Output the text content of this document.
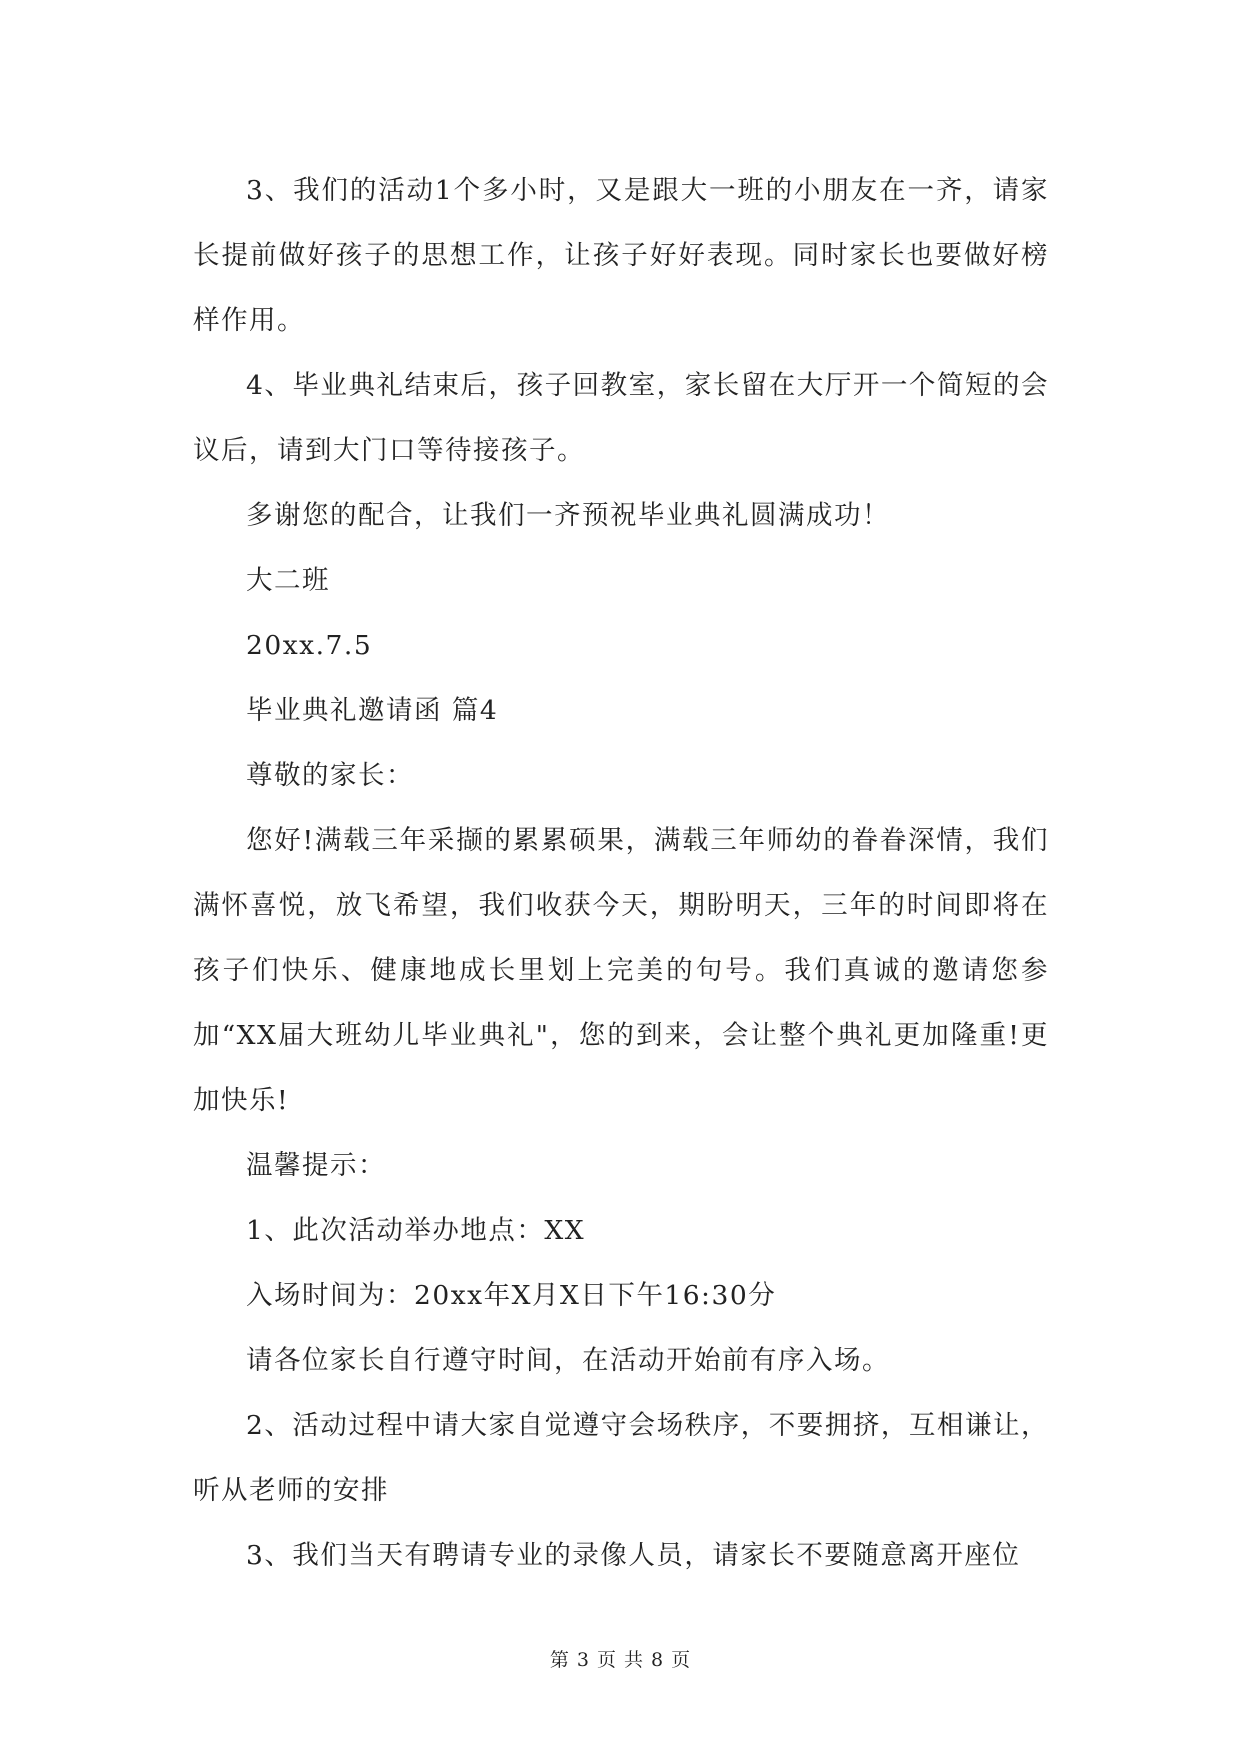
3、我们的活动1个多小时，又是跟大一班的小朋友在一齐，请家长提前做好孩子的思想工作，让孩子好好表现。同时家长也要做好榜样作用。

4、毕业典礼结束后，孩子回教室，家长留在大厅开一个简短的会议后，请到大门口等待接孩子。

多谢您的配合，让我们一齐预祝毕业典礼圆满成功！

大二班

20xx.7.5

毕业典礼邀请函 篇4

尊敬的家长：

您好!满载三年采撷的累累硕果，满载三年师幼的眷眷深情，我们满怀喜悦，放飞希望，我们收获今天，期盼明天，三年的时间即将在孩子们快乐、健康地成长里划上完美的句号。我们真诚的邀请您参加“XX届大班幼儿毕业典礼"，您的到来，会让整个典礼更加隆重!更加快乐!

温馨提示：

1、此次活动举办地点：XX

入场时间为：20xx年X月X日下午16:30分

请各位家长自行遵守时间，在活动开始前有序入场。

2、活动过程中请大家自觉遵守会场秩序，不要拥挤，互相谦让，听从老师的安排

3、我们当天有聘请专业的录像人员，请家长不要随意离开座位

第 3 页 共 8 页
